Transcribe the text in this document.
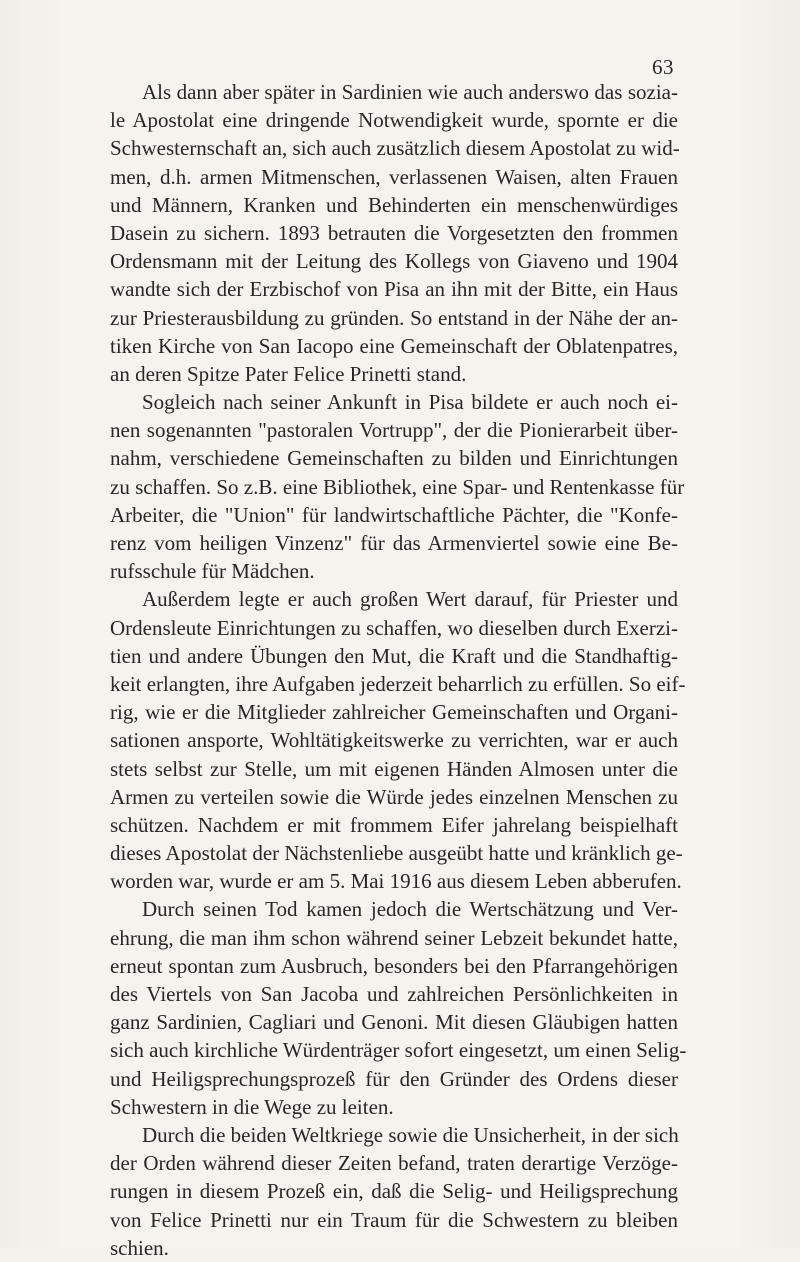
63
Als dann aber später in Sardinien wie auch anderswo das sozia-
le Apostolat eine dringende Notwendigkeit wurde, spornte er die
Schwesternschaft an, sich auch zusätzlich diesem Apostolat zu wid-
men, d.h. armen Mitmenschen, verlassenen Waisen, alten Frauen
und Männern, Kranken und Behinderten ein menschenwürdiges
Dasein zu sichern. 1893 betrauten die Vorgesetzten den frommen
Ordensmann mit der Leitung des Kollegs von Giaveno und 1904
wandte sich der Erzbischof von Pisa an ihn mit der Bitte, ein Haus
zur Priesterausbildung zu gründen. So entstand in der Nähe der an-
tiken Kirche von San Iacopo eine Gemeinschaft der Oblatenpatres,
an deren Spitze Pater Felice Prinetti stand.
Sogleich nach seiner Ankunft in Pisa bildete er auch noch ei-
nen sogenannten "pastoralen Vortrupp", der die Pionierarbeit über-
nahm, verschiedene Gemeinschaften zu bilden und Einrichtungen
zu schaffen. So z.B. eine Bibliothek, eine Spar- und Rentenkasse für
Arbeiter, die "Union" für landwirtschaftliche Pächter, die "Konfe-
renz vom heiligen Vinzenz" für das Armenviertel sowie eine Be-
rufsschule für Mädchen.
Außerdem legte er auch großen Wert darauf, für Priester und
Ordensleute Einrichtungen zu schaffen, wo dieselben durch Exerzi-
tien und andere Übungen den Mut, die Kraft und die Standhaftig-
keit erlangten, ihre Aufgaben jederzeit beharrlich zu erfüllen. So eif-
rig, wie er die Mitglieder zahlreicher Gemeinschaften und Organi-
sationen ansporte, Wohltätigkeitswerke zu verrichten, war er auch
stets selbst zur Stelle, um mit eigenen Händen Almosen unter die
Armen zu verteilen sowie die Würde jedes einzelnen Menschen zu
schützen. Nachdem er mit frommem Eifer jahrelang beispielhaft
dieses Apostolat der Nächstenliebe ausgeübt hatte und kränklich ge-
worden war, wurde er am 5. Mai 1916 aus diesem Leben abberufen.
Durch seinen Tod kamen jedoch die Wertschätzung und Ver-
ehrung, die man ihm schon während seiner Lebzeit bekundet hatte,
erneut spontan zum Ausbruch, besonders bei den Pfarrangehörigen
des Viertels von San Jacoba und zahlreichen Persönlichkeiten in
ganz Sardinien, Cagliari und Genoni. Mit diesen Gläubigen hatten
sich auch kirchliche Würdenträger sofort eingesetzt, um einen Selig-
und Heiligsprechungsprozeß für den Gründer des Ordens dieser
Schwestern in die Wege zu leiten.
Durch die beiden Weltkriege sowie die Unsicherheit, in der sich
der Orden während dieser Zeiten befand, traten derartige Verzöge-
rungen in diesem Prozeß ein, daß die Selig- und Heiligsprechung
von Felice Prinetti nur ein Traum für die Schwestern zu bleiben
schien.
